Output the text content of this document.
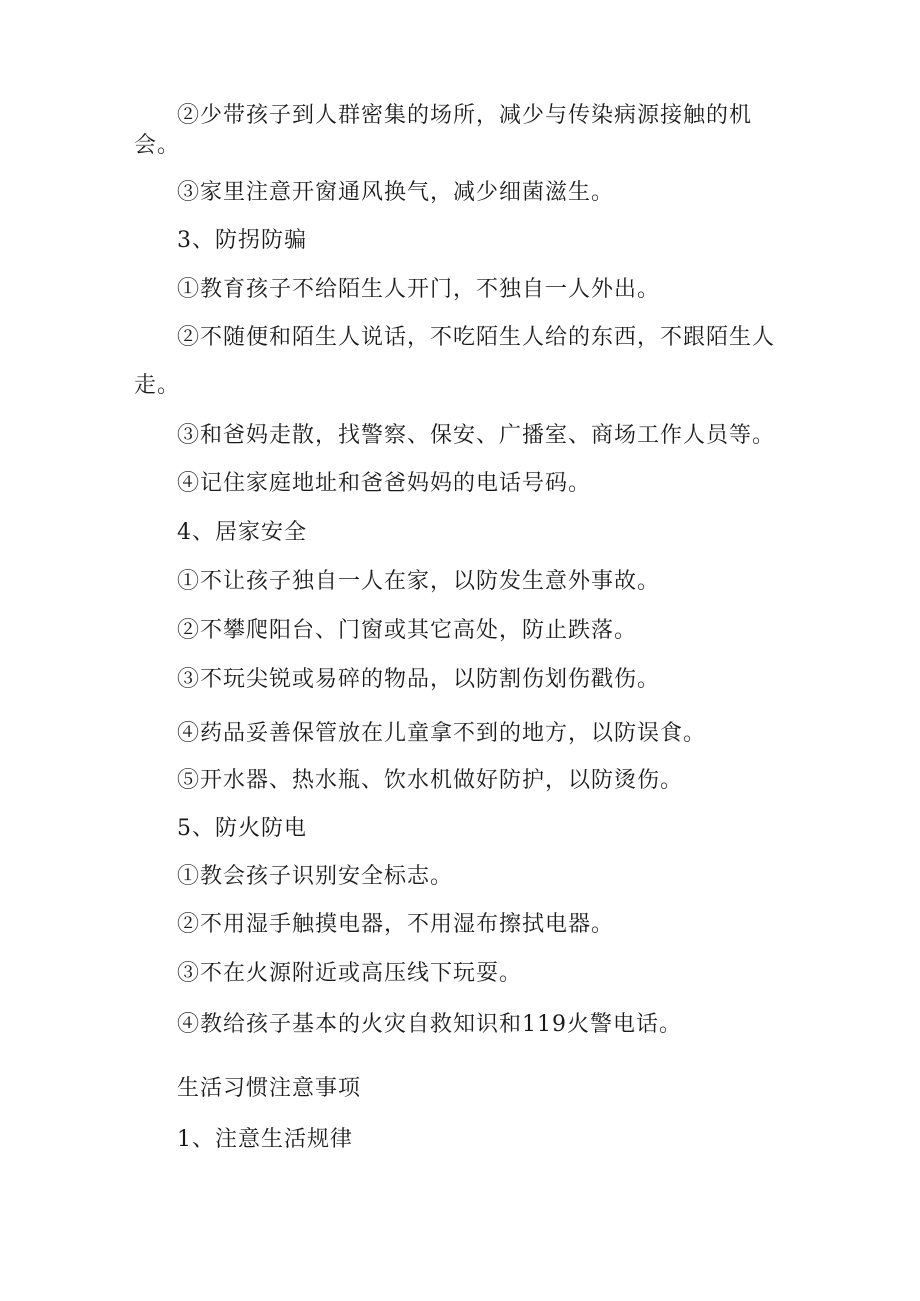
②少带孩子到人群密集的场所，减少与传染病源接触的机
会。
③家里注意开窗通风换气，减少细菌滋生。
3、防拐防骗
①教育孩子不给陌生人开门，不独自一人外出。
②不随便和陌生人说话，不吃陌生人给的东西，不跟陌生人
走。
③和爸妈走散，找警察、保安、广播室、商场工作人员等。
④记住家庭地址和爸爸妈妈的电话号码。
4、居家安全
①不让孩子独自一人在家，以防发生意外事故。
②不攀爬阳台、门窗或其它高处，防止跌落。
③不玩尖锐或易碎的物品，以防割伤划伤戳伤。
④药品妥善保管放在儿童拿不到的地方，以防误食。
⑤开水器、热水瓶、饮水机做好防护，以防烫伤。
5、防火防电
①教会孩子识别安全标志。
②不用湿手触摸电器，不用湿布擦拭电器。
③不在火源附近或高压线下玩耍。
④教给孩子基本的火灾自救知识和119火警电话。
生活习惯注意事项
1、注意生活规律
